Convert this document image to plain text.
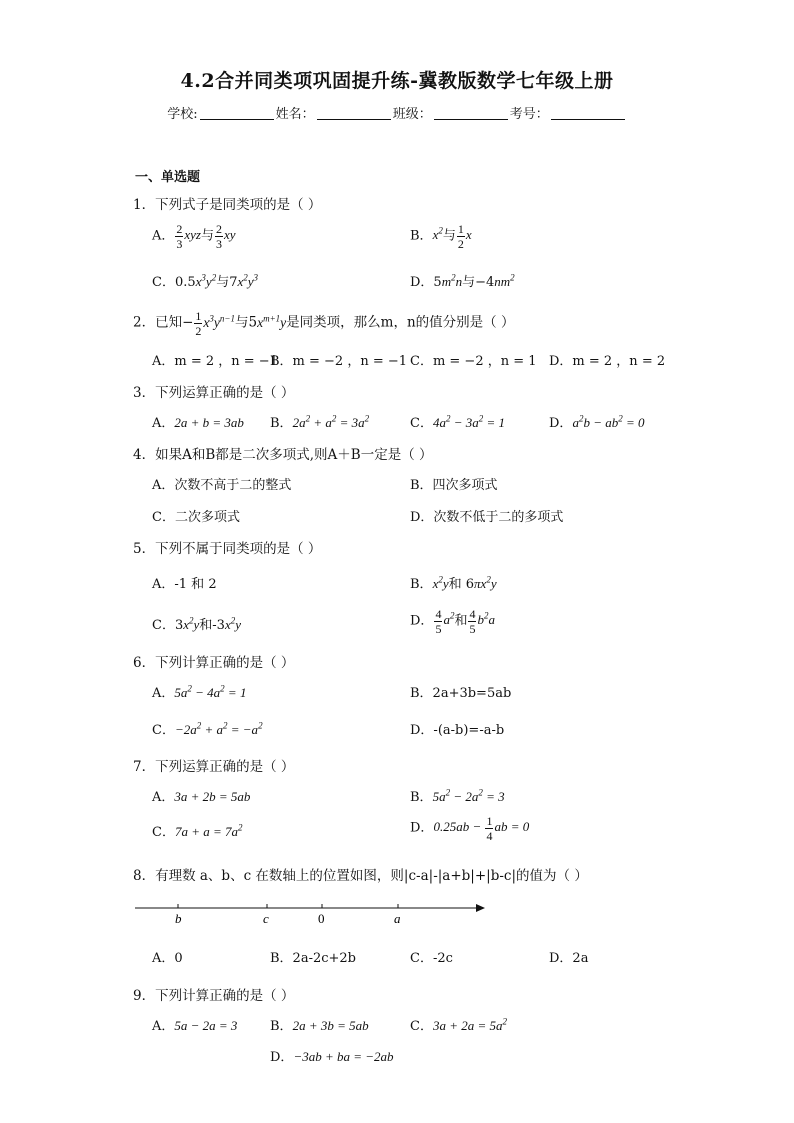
4.2合并同类项巩固提升练-冀教版数学七年级上册
学校:	姓名：	班级：	考号：
一、单选题
1．下列式子是同类项的是（ ）
A． $\frac{2}{3}$ xyz与 $\frac{2}{3}$ xy	B．$x^2$与 $\frac{1}{2}$ x
C．$0.5x^3y^2$与$7x^2y^3$	D．$5m^2n$与$-4nm^2$
2．已知− $\frac{1}{2} x^3y^{n-1}$与$5x^{m+1}y$是同类项，那么m，n的值分别是（ ）
A．m = 2 ，n = −1
B．m = −2 ，n = −1 C．m = −2 ，n = 1 D．m = 2 ，n = 2
3．下列运算正确的是（ ）
A．2a + b = 3ab B．$2a^2 + a^2 = 3a^2$	C．$4a^2 - 3a^2 = 1$	D．$a^2b - ab^2 = 0$
4．如果A和B都是二次多项式,则A＋B一定是（ ）
A．次数不高于二的整式	B．四次多项式
C．二次多项式	D．次数不低于二的多项式
5．下列不属于同类项的是（ ）
A．-1 和 2	B．$x^2y$和 $6\pi x^2y$
C．$3x^2y$和$-3x^2y$	D． $\frac{4}{5} a^2$和 $\frac{4}{5} b^2a$
6．下列计算正确的是（ ）
A．$5a^2 - 4a^2 = 1$	B．2a+3b=5ab
C．$-2a^2 + a^2 = -a^2$	D．-(a-b)=-a-b
7．下列运算正确的是（ ）
A．3a + 2b = 5ab	B．$5a^2 - 2a^2 = 3$
C．$7a + a = 7a^2$	D．$0.25ab - \frac{1}{4}$ ab = 0
8．有理数 a、b、c 在数轴上的位置如图，则|c-a|-|a+b|+|b-c|的值为（ ）
b	c	0	a
A．0	B．2a-2c+2b	C．-2c	D．2a
9．下列计算正确的是（ ）
A．5a − 2a = 3	B．2a + 3b = 5ab	C．$3a + 2a = 5a^2$
D．−3ab + ba = −2ab
